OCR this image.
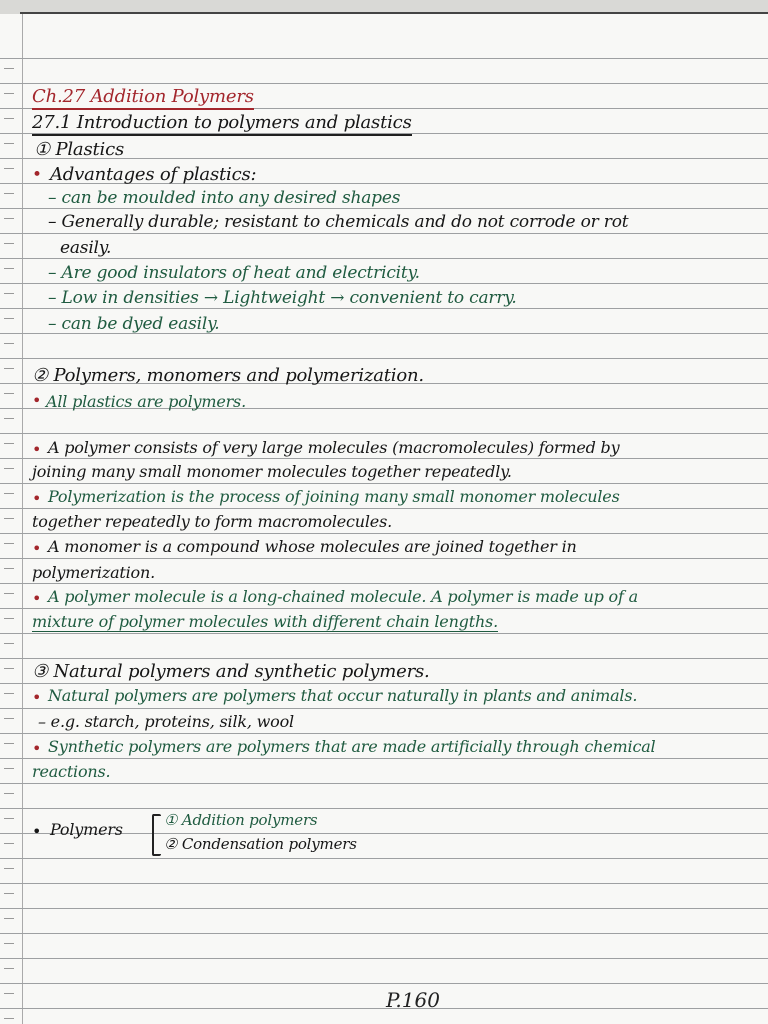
Ch.27 Addition Polymers
27.1 Introduction to polymers and plastics
① Plastics
• Advantages of plastics:
– can be moulded into any desired shapes
– Generally durable; resistant to chemicals and do not corrode or rot
easily.
– Are good insulators of heat and electricity.
– Low in densities → Lightweight → convenient to carry.
– can be dyed easily.
② Polymers, monomers and polymerization.
• All plastics are polymers.
• A polymer consists of very large molecules (macromolecules) formed by
joining many small monomer molecules together repeatedly.
• Polymerization is the process of joining many small monomer molecules
together repeatedly to form macromolecules.
• A monomer is a compound whose molecules are joined together in
polymerization.
• A polymer molecule is a long-chained molecule. A polymer is made up of a
mixture of polymer molecules with different chain lengths.
③ Natural polymers and synthetic polymers.
• Natural polymers are polymers that occur naturally in plants and animals.
– e.g. starch, proteins, silk, wool
• Synthetic polymers are polymers that are made artificially through chemical
reactions.
• Polymers	① Addition polymers
② Condensation polymers
P.160
